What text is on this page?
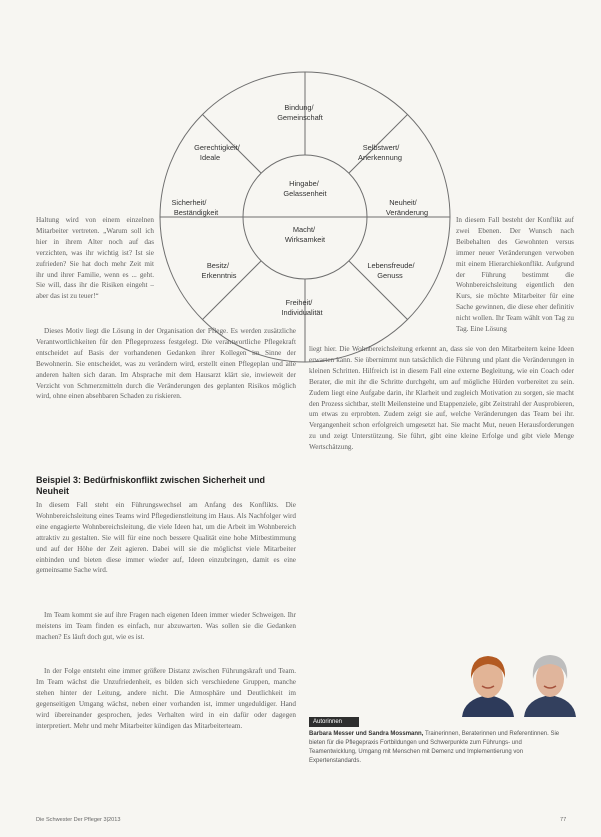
Bindung/ Gemeinschaft
Gerechtigkeit/ Ideale
Selbstwert/ Anerkennung
Sicherheit/ Beständigkeit
Neuheit/ Veränderung
Besitz/ Erkenntnis
Lebensfreude/ Genuss
Freiheit/ Individualität
Hingabe/ Gelassenheit
Macht/ Wirksamkeit

Haltung wird von einem einzelnen Mitarbeiter vertreten. „Warum soll ich hier in ihrem Alter noch auf das verzichten, was ihr wichtig ist? Ist sie zufrieden? Sie hat doch mehr Zeit mit ihr und ihrer Familie, wenn es ... geht. Sie will, dass ihr die Risiken eingeht – aber das ist zu teuer!“

In diesem Fall besteht der Konflikt auf zwei Ebenen. Der Wunsch nach Beibehalten des Gewohnten versus immer neuer Veränderungen verwoben mit einem Hierarchiekonflikt. Aufgrund der Führung bestimmt die Wohnbereichsleitung eigentlich den Kurs, sie möchte Mitarbeiter für eine Sache gewinnen, die diese eher definitiv nicht wollen. Ihr Team wählt von Tag zu Tag. Eine Lösung

Dieses Motiv liegt die Lösung in der Organisation der Pflege. Es werden zusätzliche Verantwortlichkeiten für den Pflegeprozess festgelegt. Die verantwortliche Pflegekraft entscheidet auf Basis der vorhandenen Gedanken ihrer Kollegen im Sinne der Bewohnerin. Sie entscheidet, was zu verändern wird, erstellt einen Pflegeplan und alle anderen halten sich daran. Im Absprache mit dem Hausarzt klärt sie, inwieweit der Verzicht von Schmerzmitteln durch die Veränderungen des geplanten Risikos möglich wird, ohne einen absehbaren Schaden zu riskieren.

Beispiel 3: Bedürfniskonflikt zwischen Sicherheit und Neuheit

In diesem Fall steht ein Führungswechsel am Anfang des Konflikts. Die Wohnbereichsleitung eines Teams wird Pflegedienstleitung im Haus. Als Nachfolger wird eine engagierte Wohnbereichsleitung, die viele Ideen hat, um die Arbeit im Wohnbereich attraktiv zu gestalten. Sie will für eine noch bessere Qualität eine hohe Mitbestimmung und auf der Höhe der Zeit agieren. Dabei will sie die möglichst viele Mitarbeiter einbinden und bieten diese immer wieder auf, Ideen einzubringen, damit es eine gemeinsame Sache wird.

Im Team kommt sie auf ihre Fragen nach eigenen Ideen immer wieder Schweigen. Ihr meistens im Team finden es einfach, nur abzuwarten. Was sollen sie die Gedanken machen? Es läuft doch gut, wie es ist.

In der Folge entsteht eine immer größere Distanz zwischen Führungskraft und Team. Im Team wächst die Unzufriedenheit, es bilden sich verschiedene Gruppen, manche stehen hinter der Leitung, andere nicht. Die Atmosphäre und Deutlichkeit im gegenseitigen Umgang wächst, neben einer vorhanden ist, immer ungeduldiger. Hand wird übereinander gesprochen, jedes Verhalten wird in ein dafür oder dagegen interpretiert. Mehr und mehr Mitarbeiter kündigen das Mitarbeiterteam.

liegt hier. Die Wohnbereichsleitung erkennt an, dass sie von den Mitarbeitern keine Ideen erwarten kann. Sie übernimmt nun tatsächlich die Führung und plant die Veränderungen in kleinen Schritten. Hilfreich ist in diesem Fall eine externe Begleitung, wie ein Coach oder Berater, die mit ihr die Schritte durchgeht, um auf mögliche Hürden vorbereitet zu sein. Zudem liegt eine Aufgabe darin, ihr Klarheit und zugleich Motivation zu sorgen, sie macht den Prozess sichtbar, stellt Meilensteine und Etappenziele, gibt Zeitstrahl der Ausprobieren, um etwas zu erprobten. Zudem zeigt sie auf, welche Veränderungen das Team bei ihr. Vergangenheit schon erfolgreich umgesetzt hat. Sie macht Mut, neuen Herausforderungen zu und zeigt Unterstützung. Sie führt, gibt eine kleine Erfolge und gibt viele Menge Wertschätzung.

Autorinnen
Barbara Messer und Sandra Mossmann, Trainerinnen, Beraterinnen und Referentinnen. Sie bieten für die Pflegepraxis Fortbildungen und Schwerpunkte zum Führungs- und Teamentwicklung, Umgang mit Menschen mit Demenz und Implementierung von Expertenstandards.
Die Schwester Der Pfleger 3|2013	77
